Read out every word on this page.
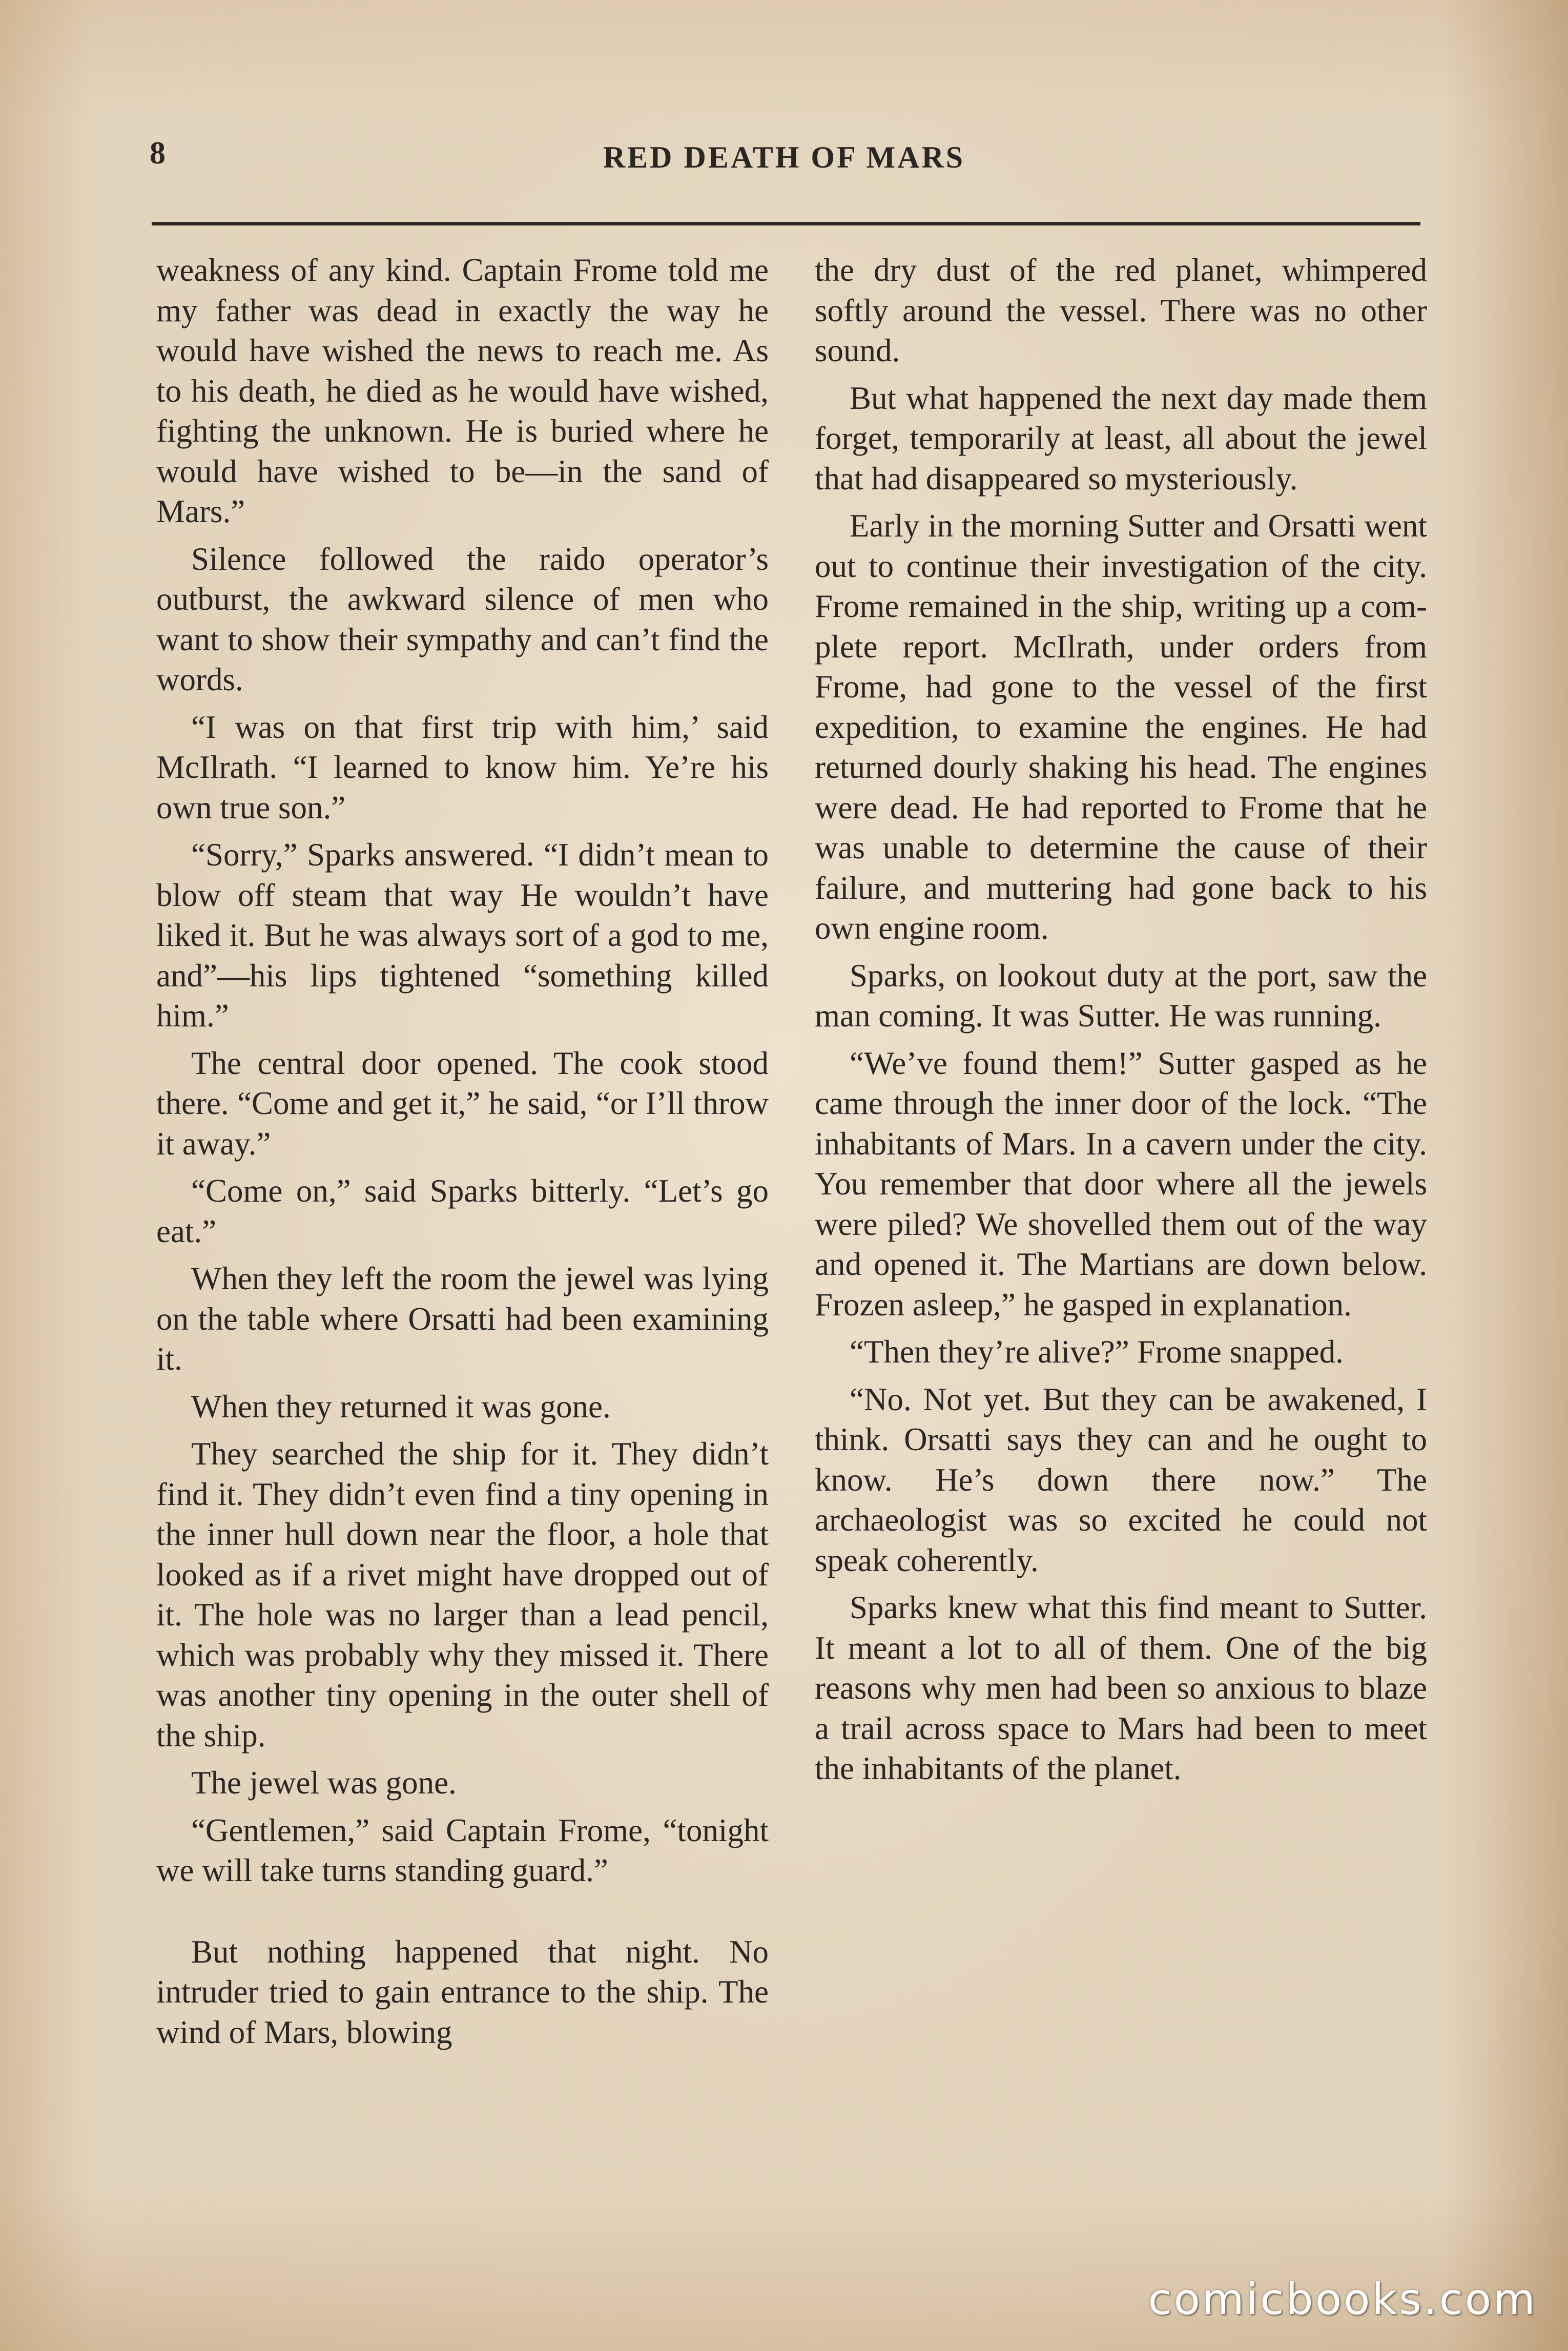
8	RED DEATH OF MARS

weakness of any kind. Captain Frome told me my father was dead in exactly the way he would have wished the news to reach me. As to his death, he died as he would have wished, fighting the unknown. He is buried where he would have wished to be—in the sand of Mars.”

Silence followed the raido operator’s outburst, the awkward silence of men who want to show their sympathy and can’t find the words.

“I was on that first trip with him,’ said McIlrath. “I learned to know him. Ye’re his own true son.”

“Sorry,” Sparks answered. “I didn’t mean to blow off steam that way He wouldn’t have liked it. But he was always sort of a god to me, and”—his lips tightened “something killed him.”

The central door opened. The cook stood there. “Come and get it,” he said, “or I’ll throw it away.”

“Come on,” said Sparks bitterly. “Let’s go eat.”

When they left the room the jewel was lying on the table where Orsatti had been examining it.

When they returned it was gone.

They searched the ship for it. They didn’t find it. They didn’t even find a tiny opening in the inner hull down near the floor, a hole that looked as if a rivet might have dropped out of it. The hole was no larger than a lead pencil, which was probably why they missed it. There was another tiny opening in the outer shell of the ship.

The jewel was gone.

“Gentlemen,” said Captain Frome, “tonight we will take turns standing guard.”

But nothing happened that night. No intruder tried to gain entrance to the ship. The wind of Mars, blowing

the dry dust of the red planet, whimpered softly around the vessel. There was no other sound.

But what happened the next day made them forget, temporarily at least, all about the jewel that had disappeared so mysteriously.

Early in the morning Sutter and Orsatti went out to continue their investigation of the city. Frome remained in the ship, writing up a complete report. McIlrath, under orders from Frome, had gone to the vessel of the first expedition, to examine the engines. He had returned dourly shaking his head. The engines were dead. He had reported to Frome that he was unable to determine the cause of their failure, and muttering had gone back to his own engine room.

Sparks, on lookout duty at the port, saw the man coming. It was Sutter. He was running.

“We’ve found them!” Sutter gasped as he came through the inner door of the lock. “The inhabitants of Mars. In a cavern under the city. You remember that door where all the jewels were piled? We shovelled them out of the way and opened it. The Martians are down below. Frozen asleep,” he gasped in explanation.

“Then they’re alive?” Frome snapped.

“No. Not yet. But they can be awakened, I think. Orsatti says they can and he ought to know. He’s down there now.” The archaeologist was so excited he could not speak coherently.

Sparks knew what this find meant to Sutter. It meant a lot to all of them. One of the big reasons why men had been so anxious to blaze a trail across space to Mars had been to meet the inhabitants of the planet.

comicbooks.com
